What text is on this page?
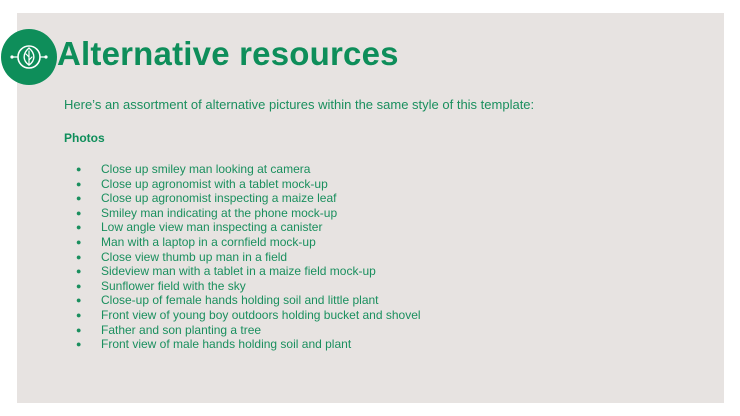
Alternative resources

Here’s an assortment of alternative pictures within the same style of this template:

Photos

● Close up smiley man looking at camera
● Close up agronomist with a tablet mock-up
● Close up agronomist inspecting a maize leaf
● Smiley man indicating at the phone mock-up
● Low angle view man inspecting a canister
● Man with a laptop in a cornfield mock-up
● Close view thumb up man in a field
● Sideview man with a tablet in a maize field mock-up
● Sunflower field with the sky
● Close-up of female hands holding soil and little plant
● Front view of young boy outdoors holding bucket and shovel
● Father and son planting a tree
● Front view of male hands holding soil and plant
